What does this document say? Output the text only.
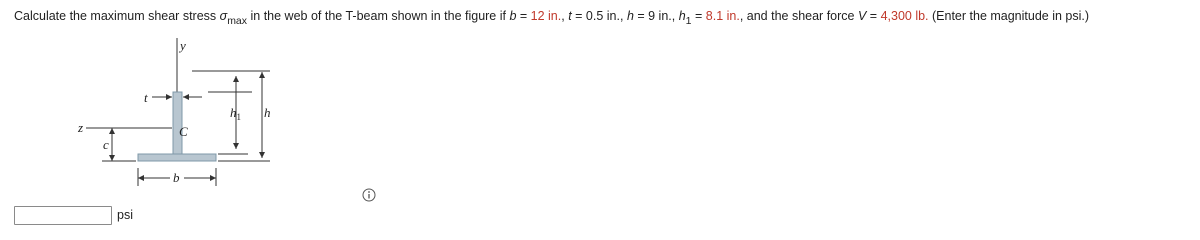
Calculate the maximum shear stress $\sigma_{max}$ in the web of the T-beam shown in the figure if b = 12 in., t = 0.5 in., h = 9 in., $h_1 = 8.1$ in., and the shear force V = 4,300 lb. (Enter the magnitude in psi.)
y
t
$h_1$ h
z	C
c
b
psi
